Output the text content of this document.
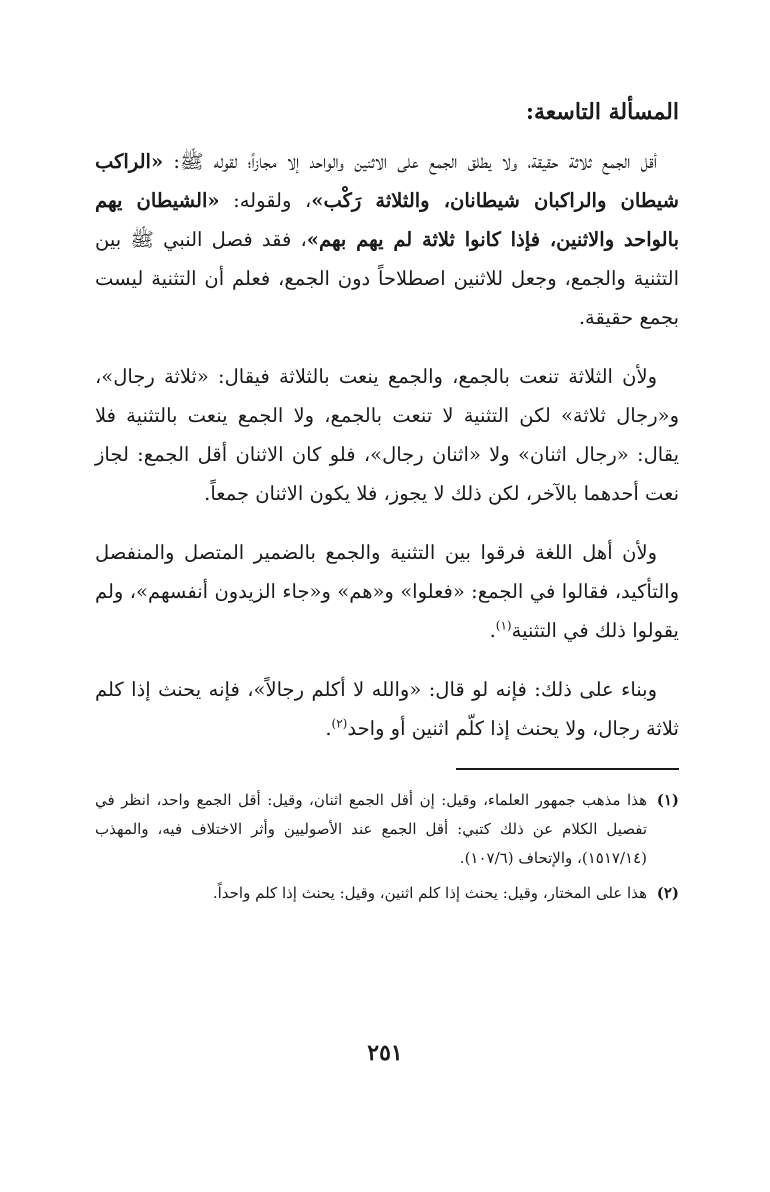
المسألة التاسعة:

أقل الجمع ثلاثة حقيقة، ولا يطلق الجمع على الاثنين والواحد إلا مجازاً؛ لقوله ﷺ: «الراكب شيطان والراكبان شيطانان، والثلاثة رَكْب»، ولقوله: «الشيطان يهم بالواحد والاثنين، فإذا كانوا ثلاثة لم يهم بهم»، فقد فصل النبي ﷺ بين التثنية والجمع، وجعل للاثنين اصطلاحاً دون الجمع، فعلم أن التثنية ليست بجمع حقيقة.

ولأن الثلاثة تنعت بالجمع، والجمع ينعت بالثلاثة فيقال: «ثلاثة رجال»، و«رجال ثلاثة» لكن التثنية لا تنعت بالجمع، ولا الجمع ينعت بالتثنية فلا يقال: «رجال اثنان» ولا «اثنان رجال»، فلو كان الاثنان أقل الجمع: لجاز نعت أحدهما بالآخر، لكن ذلك لا يجوز، فلا يكون الاثنان جمعاً.

ولأن أهل اللغة فرقوا بين التثنية والجمع بالضمير المتصل والمنفصل والتأكيد، فقالوا في الجمع: «فعلوا» و«هم» و«جاء الزيدون أنفسهم»، ولم يقولوا ذلك في التثنية$^{(١)}$.

وبناء على ذلك: فإنه لو قال: «والله لا أكلم رجالاً»، فإنه يحنث إذا كلم ثلاثة رجال، ولا يحنث إذا كلّم اثنين أو واحد$^{(٢)}$.

(١)
هذا مذهب جمهور العلماء، وقيل: إن أقل الجمع اثنان، وقيل: أقل الجمع واحد، انظر في تفصيل الكلام عن ذلك كتبي: أقل الجمع عند الأصوليين وأثر الاختلاف فيه، والمهذب (١٥١٧/١٤)، والإتحاف (١٠٧/٦).
(٢)
هذا على المختار، وقيل: يحنث إذا كلم اثنين، وقيل: يحنث إذا كلم واحداً.
٢٥١
